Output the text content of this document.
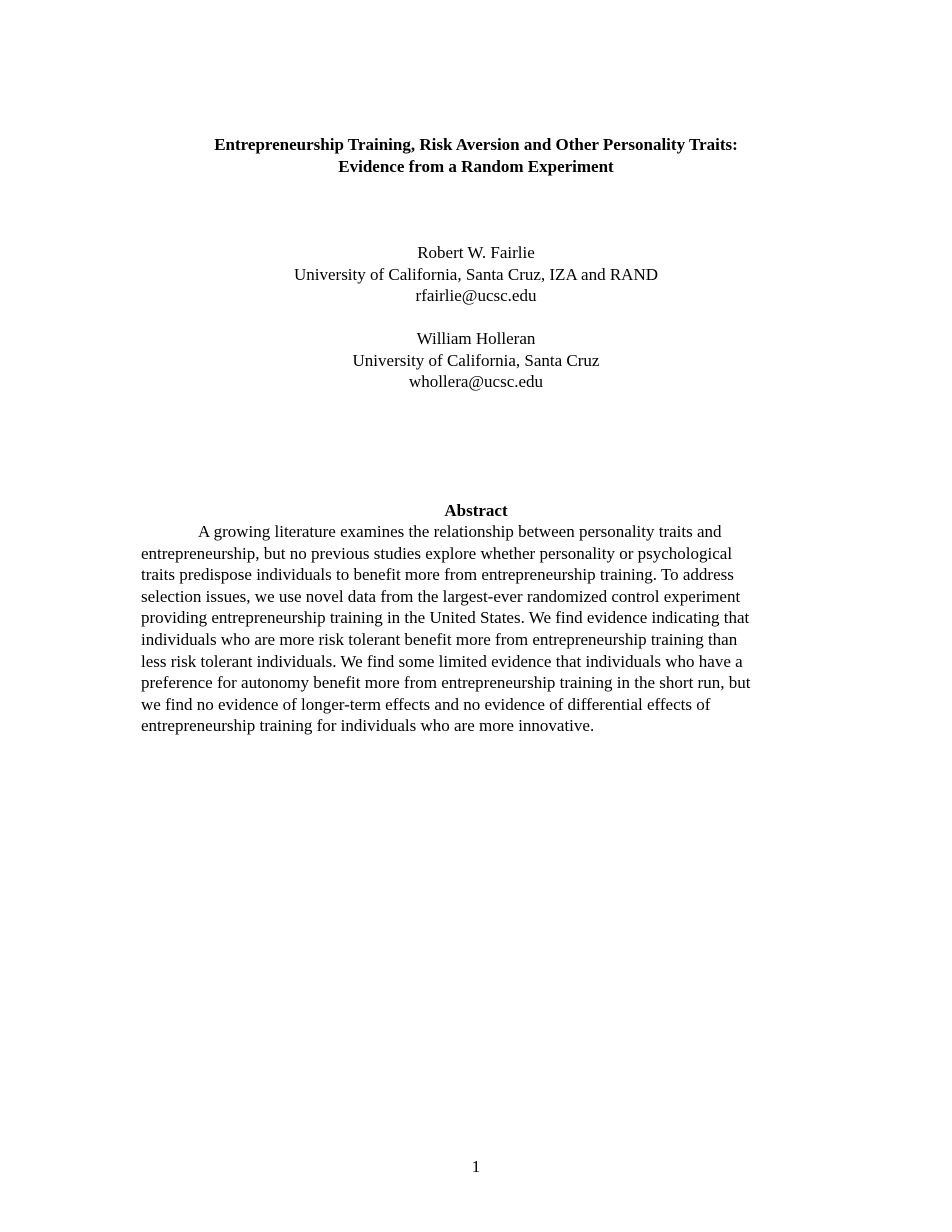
Entrepreneurship Training, Risk Aversion and Other Personality Traits:
Evidence from a Random Experiment
Robert W. Fairlie
University of California, Santa Cruz, IZA and RAND
rfairlie@ucsc.edu
William Holleran
University of California, Santa Cruz
whollera@ucsc.edu
Abstract
A growing literature examines the relationship between personality traits and
entrepreneurship, but no previous studies explore whether personality or psychological
traits predispose individuals to benefit more from entrepreneurship training. To address
selection issues, we use novel data from the largest-ever randomized control experiment
providing entrepreneurship training in the United States. We find evidence indicating that
individuals who are more risk tolerant benefit more from entrepreneurship training than
less risk tolerant individuals. We find some limited evidence that individuals who have a
preference for autonomy benefit more from entrepreneurship training in the short run, but
we find no evidence of longer-term effects and no evidence of differential effects of
entrepreneurship training for individuals who are more innovative.
1
